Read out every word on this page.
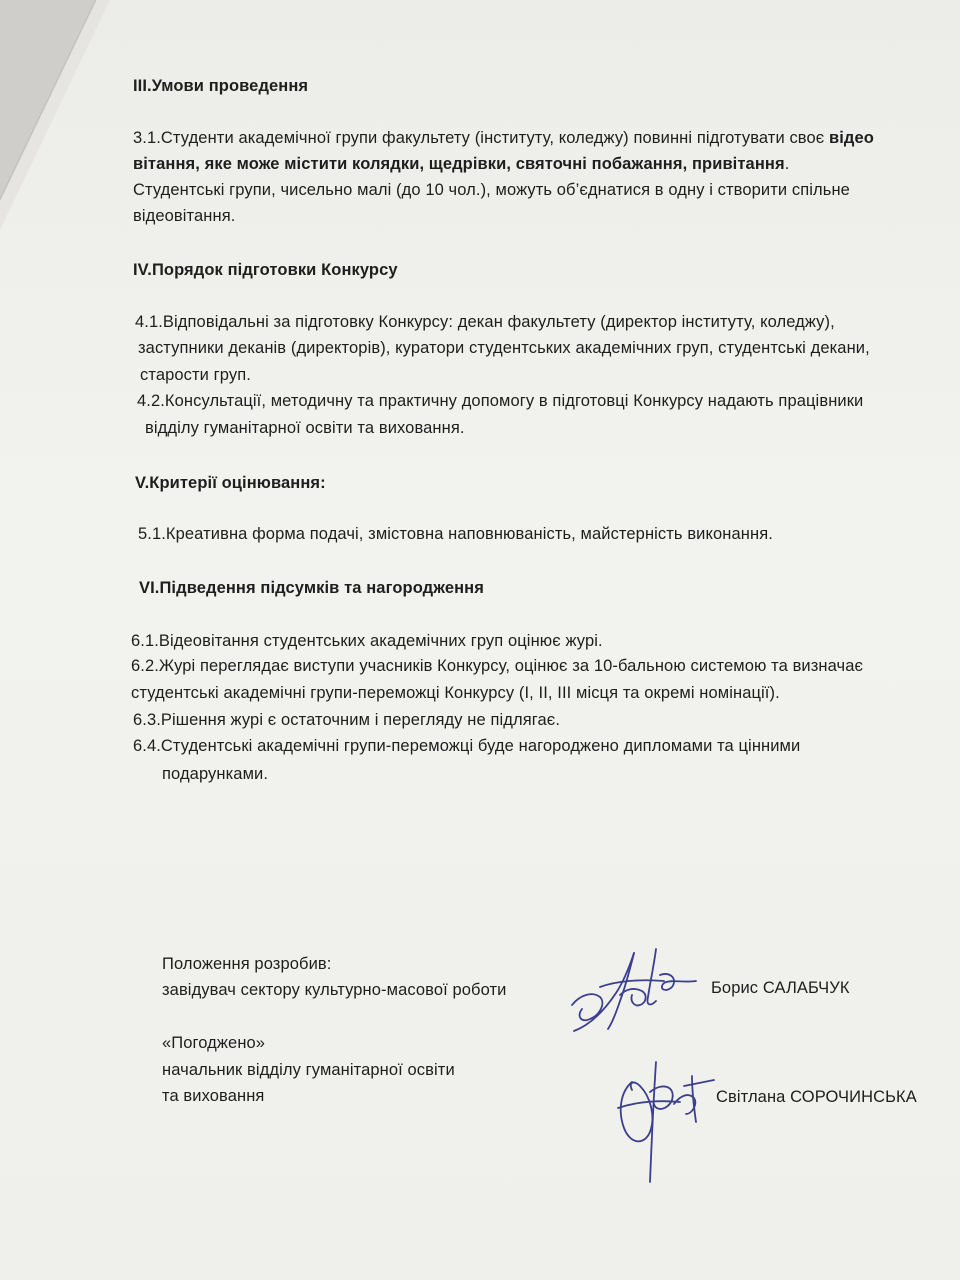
III.Умови проведення
3.1.Студенти академічної групи факультету (інституту, коледжу) повинні підготувати своє відео
вітання, яке може містити колядки, щедрівки, святочні побажання, привітання.
Студентські групи, чисельно малі (до 10 чол.), можуть об’єднатися в одну і створити спільне
відеовітання.
IV.Порядок підготовки Конкурсу
4.1.Відповідальні за підготовку Конкурсу: декан факультету (директор інституту, коледжу),
заступники деканів (директорів), куратори студентських академічних груп, студентські декани,
старости груп.
4.2.Консультації, методичну та практичну допомогу в підготовці Конкурсу надають працівники
відділу гуманітарної освіти та виховання.
V.Критерії оцінювання:
5.1.Креативна форма подачі, змістовна наповнюваність, майстерність виконання.
VI.Підведення підсумків та нагородження
6.1.Відеовітання студентських академічних груп оцінює журі.
6.2.Журі переглядає виступи учасників Конкурсу, оцінює за 10-бальною системою та визначає
студентські академічні групи-переможці Конкурсу (I, II, III місця та окремі номінації).
6.3.Рішення журі є остаточним і перегляду не підлягає.
6.4.Студентські академічні групи-переможці буде нагороджено дипломами та цінними
подарунками.
Положення розробив:
завідувач сектору культурно-масової роботи	Борис САЛАБЧУК
«Погоджено»
начальник відділу гуманітарної освіти
та виховання	Світлана СОРОЧИНСЬКА
